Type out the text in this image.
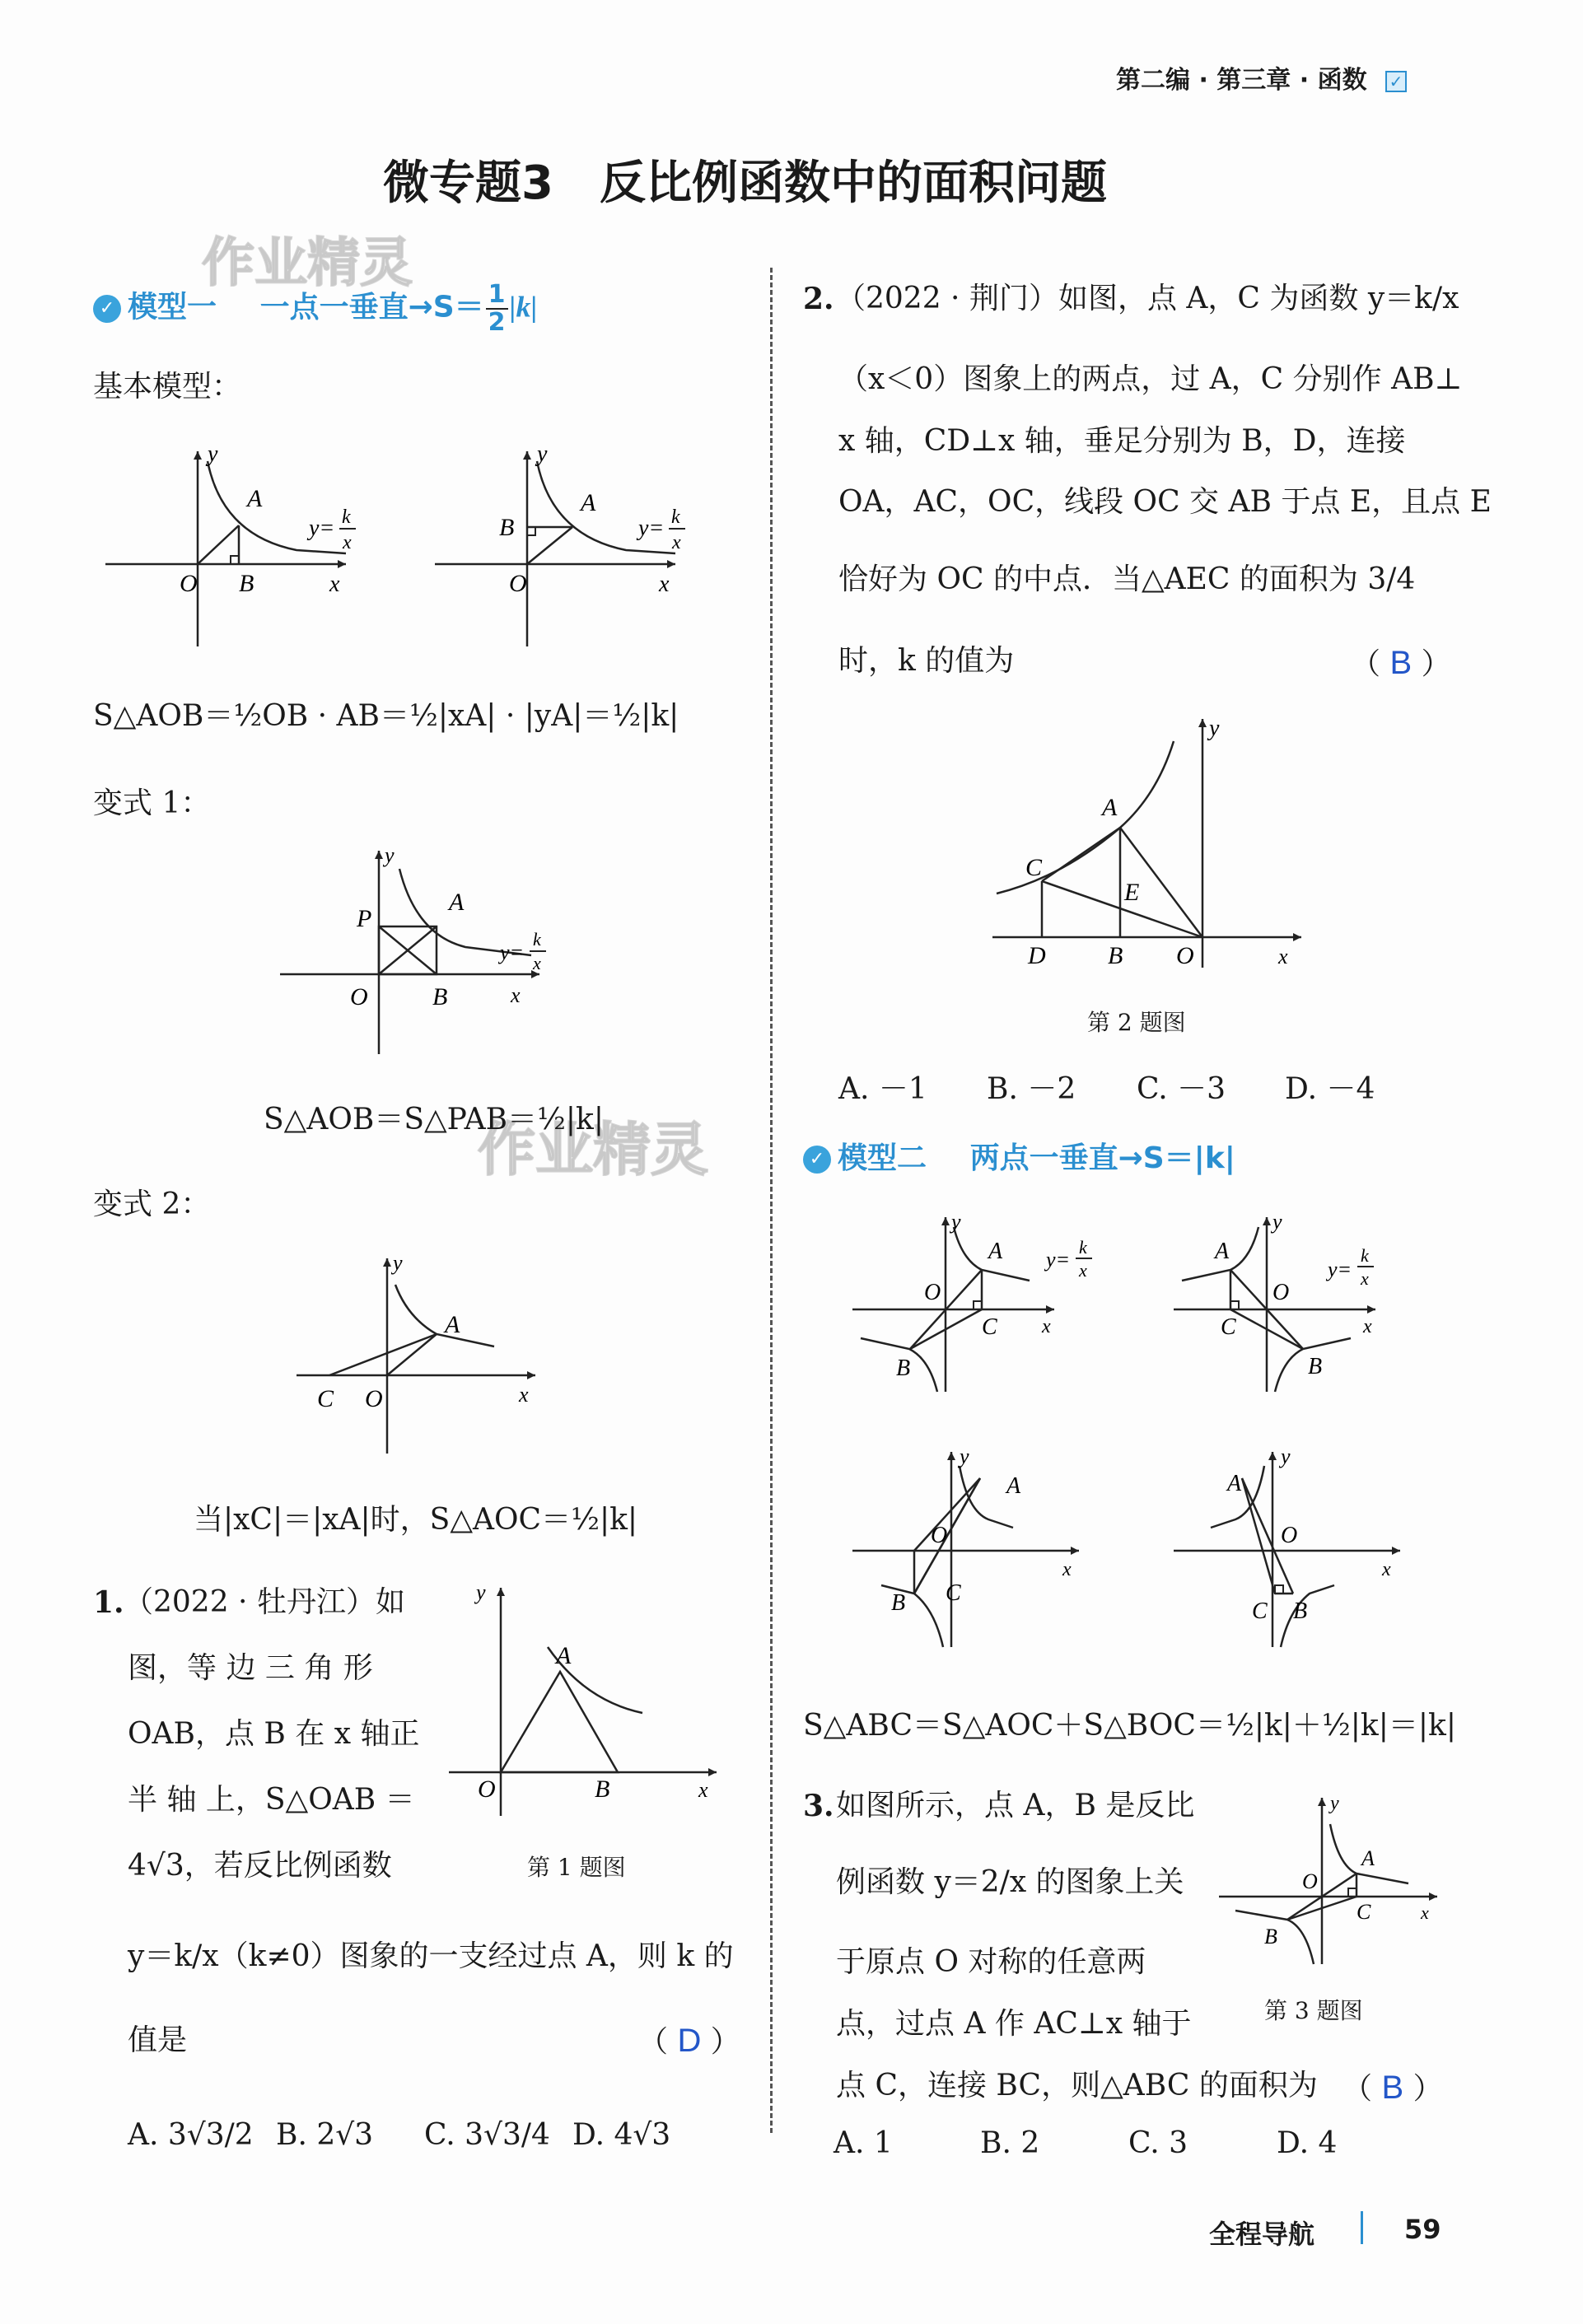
第二编 · 第三章 · 函数 ✓
微专题3　反比例函数中的面积问题
作业精灵
作业精灵
✓ 模型一 一点一垂直$\to S= \frac{1}{2} |k|$
基本模型：
y
A
O B	x
y= k
x
y
A
B
O	x
y= k
x
S△AOB＝½OB · AB＝½|xA| · |yA|＝½|k|
变式 1：
y
P
A
O	B	x
y=
k
x
S△AOB＝S△PAB＝½|k|
变式 2：
y
A
C O	x
当|xC|＝|xA|时，S△AOC＝½|k|
1. （2022 · 牡丹江）如
图，等 边 三 角 形
OAB，点 B 在 x 轴正
半 轴 上，S△OAB ＝
4√3，若反比例函数
y
A
O	B	x
第 1 题图
y＝k/x（k≠0）图象的一支经过点 A，则 k 的
值是	（ D ）
A. 3√3/2 B. 2√3 C. 3√3/4 D. 4√3
2. （2022 · 荆门）如图，点 A，C 为函数 y＝k/x
（x＜0）图象上的两点，过 A，C 分别作 AB⊥
x 轴，CD⊥x 轴，垂足分别为 B，D，连接
OA，AC，OC，线段 OC 交 AB 于点 E，且点 E
恰好为 OC 的中点．当△AEC 的面积为 3/4
时，k 的值为	（ B ）
y
A
C
E
D	B O	x
第 2 题图
A. －1 B. －2 C. －3 D. －4
✓ 模型二 两点一垂直→S＝|k|
y
A
O
C x
B
y=
k
x
y
A
O
C	x
B
y=
k
x
y
A
O
x
B C
y
A
O
x
C B
S△ABC＝S△AOC＋S△BOC＝½|k|＋½|k|＝|k|
3. 如图所示，点 A，B 是反比
例函数 y＝2/x 的图象上关
于原点 O 对称的任意两
点，过点 A 作 AC⊥x 轴于
点 C，连接 BC，则△ABC 的面积为 （ B ）
y
A
O
C	x
B
第 3 题图
A. 1	B. 2	C. 3	D. 4
全程导航	59
